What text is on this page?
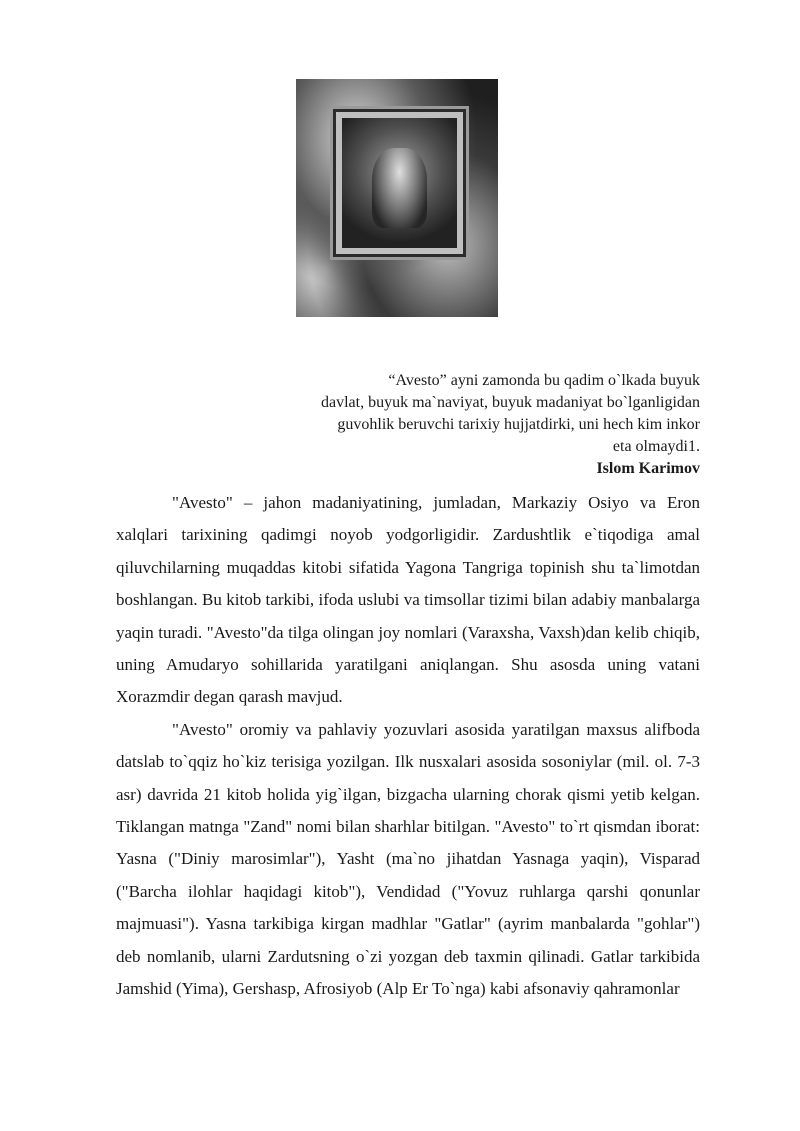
“Avesto” ayni zamonda bu qadim o`lkada buyuk

davlat, buyuk ma`naviyat, buyuk madaniyat bo`lganligidan

guvohlik beruvchi tarixiy hujjatdirki, uni hech kim inkor

eta olmaydi1.

Islom Karimov

"Avesto" – jahon madaniyatining, jumladan, Markaziy Osiyo va Eron xalqlari tarixining qadimgi noyob yodgorligidir. Zardushtlik e`tiqodiga amal qiluvchilarning muqaddas kitobi sifatida Yagona Tangriga topinish shu ta`limotdan boshlangan. Bu kitob tarkibi, ifoda uslubi va timsollar tizimi bilan adabiy manbalarga yaqin turadi. "Avesto"da tilga olingan joy nomlari (Varaxsha, Vaxsh)dan kelib chiqib, uning Amudaryo sohillarida yaratilgani aniqlangan. Shu asosda uning vatani Xorazmdir degan qarash mavjud.

"Avesto" oromiy va pahlaviy yozuvlari asosida yaratilgan maxsus alifboda datslab to`qqiz ho`kiz terisiga yozilgan. Ilk nusxalari asosida sosoniylar (mil. ol. 7-3 asr) davrida 21 kitob holida yig`ilgan, bizgacha ularning chorak qismi yetib kelgan. Tiklangan matnga "Zand" nomi bilan sharhlar bitilgan. "Avesto" to`rt qismdan iborat: Yasna ("Diniy marosimlar"), Yasht (ma`no jihatdan Yasnaga yaqin), Visparad ("Barcha ilohlar haqidagi kitob"), Vendidad ("Yovuz ruhlarga qarshi qonunlar majmuasi"). Yasna tarkibiga kirgan madhlar "Gatlar" (ayrim manbalarda "gohlar") deb nomlanib, ularni Zardutsning o`zi yozgan deb taxmin qilinadi. Gatlar tarkibida Jamshid (Yima), Gershasp, Afrosiyob (Alp Er To`nga) kabi afsonaviy qahramonlar
